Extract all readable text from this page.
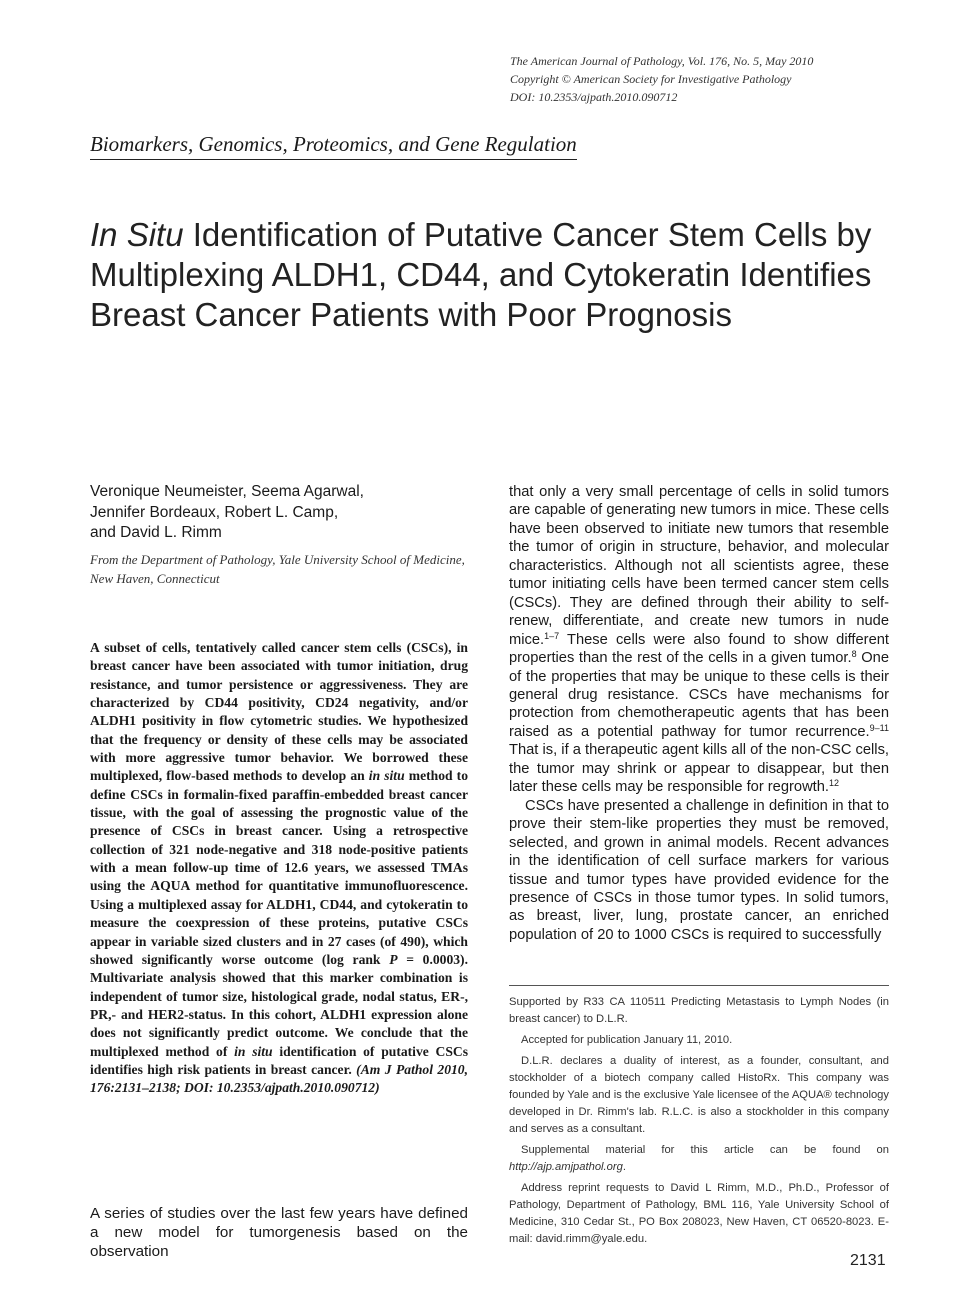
The American Journal of Pathology, Vol. 176, No. 5, May 2010
Copyright © American Society for Investigative Pathology
DOI: 10.2353/ajpath.2010.090712
Biomarkers, Genomics, Proteomics, and Gene Regulation
In Situ Identification of Putative Cancer Stem Cells by Multiplexing ALDH1, CD44, and Cytokeratin Identifies Breast Cancer Patients with Poor Prognosis
Veronique Neumeister, Seema Agarwal,
Jennifer Bordeaux, Robert L. Camp,
and David L. Rimm
From the Department of Pathology, Yale University School of Medicine, New Haven, Connecticut
A subset of cells, tentatively called cancer stem cells (CSCs), in breast cancer have been associated with tumor initiation, drug resistance, and tumor persistence or aggressiveness. They are characterized by CD44 positivity, CD24 negativity, and/or ALDH1 positivity in flow cytometric studies. We hypothesized that the frequency or density of these cells may be associated with more aggressive tumor behavior. We borrowed these multiplexed, flow-based methods to develop an in situ method to define CSCs in formalin-fixed paraffin-embedded breast cancer tissue, with the goal of assessing the prognostic value of the presence of CSCs in breast cancer. Using a retrospective collection of 321 node-negative and 318 node-positive patients with a mean follow-up time of 12.6 years, we assessed TMAs using the AQUA method for quantitative immunofluorescence. Using a multiplexed assay for ALDH1, CD44, and cytokeratin to measure the coexpression of these proteins, putative CSCs appear in variable sized clusters and in 27 cases (of 490), which showed significantly worse outcome (log rank P = 0.0003). Multivariate analysis showed that this marker combination is independent of tumor size, histological grade, nodal status, ER-, PR,- and HER2-status. In this cohort, ALDH1 expression alone does not significantly predict outcome. We conclude that the multiplexed method of in situ identification of putative CSCs identifies high risk patients in breast cancer. (Am J Pathol 2010, 176:2131–2138; DOI: 10.2353/ajpath.2010.090712)
A series of studies over the last few years have defined a new model for tumorgenesis based on the observation

that only a very small percentage of cells in solid tumors are capable of generating new tumors in mice. These cells have been observed to initiate new tumors that resemble the tumor of origin in structure, behavior, and molecular characteristics. Although not all scientists agree, these tumor initiating cells have been termed cancer stem cells (CSCs). They are defined through their ability to self-renew, differentiate, and create new tumors in nude mice.$^{1-7}$ These cells were also found to show different properties than the rest of the cells in a given tumor.$^8$ One of the properties that may be unique to these cells is their general drug resistance. CSCs have mechanisms for protection from chemotherapeutic agents that has been raised as a potential pathway for tumor recurrence.$^{9-11}$ That is, if a therapeutic agent kills all of the non-CSC cells, the tumor may shrink or appear to disappear, but then later these cells may be responsible for regrowth.$^{12}$

CSCs have presented a challenge in definition in that to prove their stem-like properties they must be removed, selected, and grown in animal models. Recent advances in the identification of cell surface markers for various tissue and tumor types have provided evidence for the presence of CSCs in those tumor types. In solid tumors, as breast, liver, lung, prostate cancer, an enriched population of 20 to 1000 CSCs is required to successfully

Supported by R33 CA 110511 Predicting Metastasis to Lymph Nodes (in breast cancer) to D.L.R.

Accepted for publication January 11, 2010.

D.L.R. declares a duality of interest, as a founder, consultant, and stockholder of a biotech company called HistoRx. This company was founded by Yale and is the exclusive Yale licensee of the AQUA® technology developed in Dr. Rimm's lab. R.L.C. is also a stockholder in this company and serves as a consultant.

Supplemental material for this article can be found on http://ajp.amjpathol.org.

Address reprint requests to David L Rimm, M.D., Ph.D., Professor of Pathology, Department of Pathology, BML 116, Yale University School of Medicine, 310 Cedar St., PO Box 208023, New Haven, CT 06520-8023. E-mail: david.rimm@yale.edu.

2131
